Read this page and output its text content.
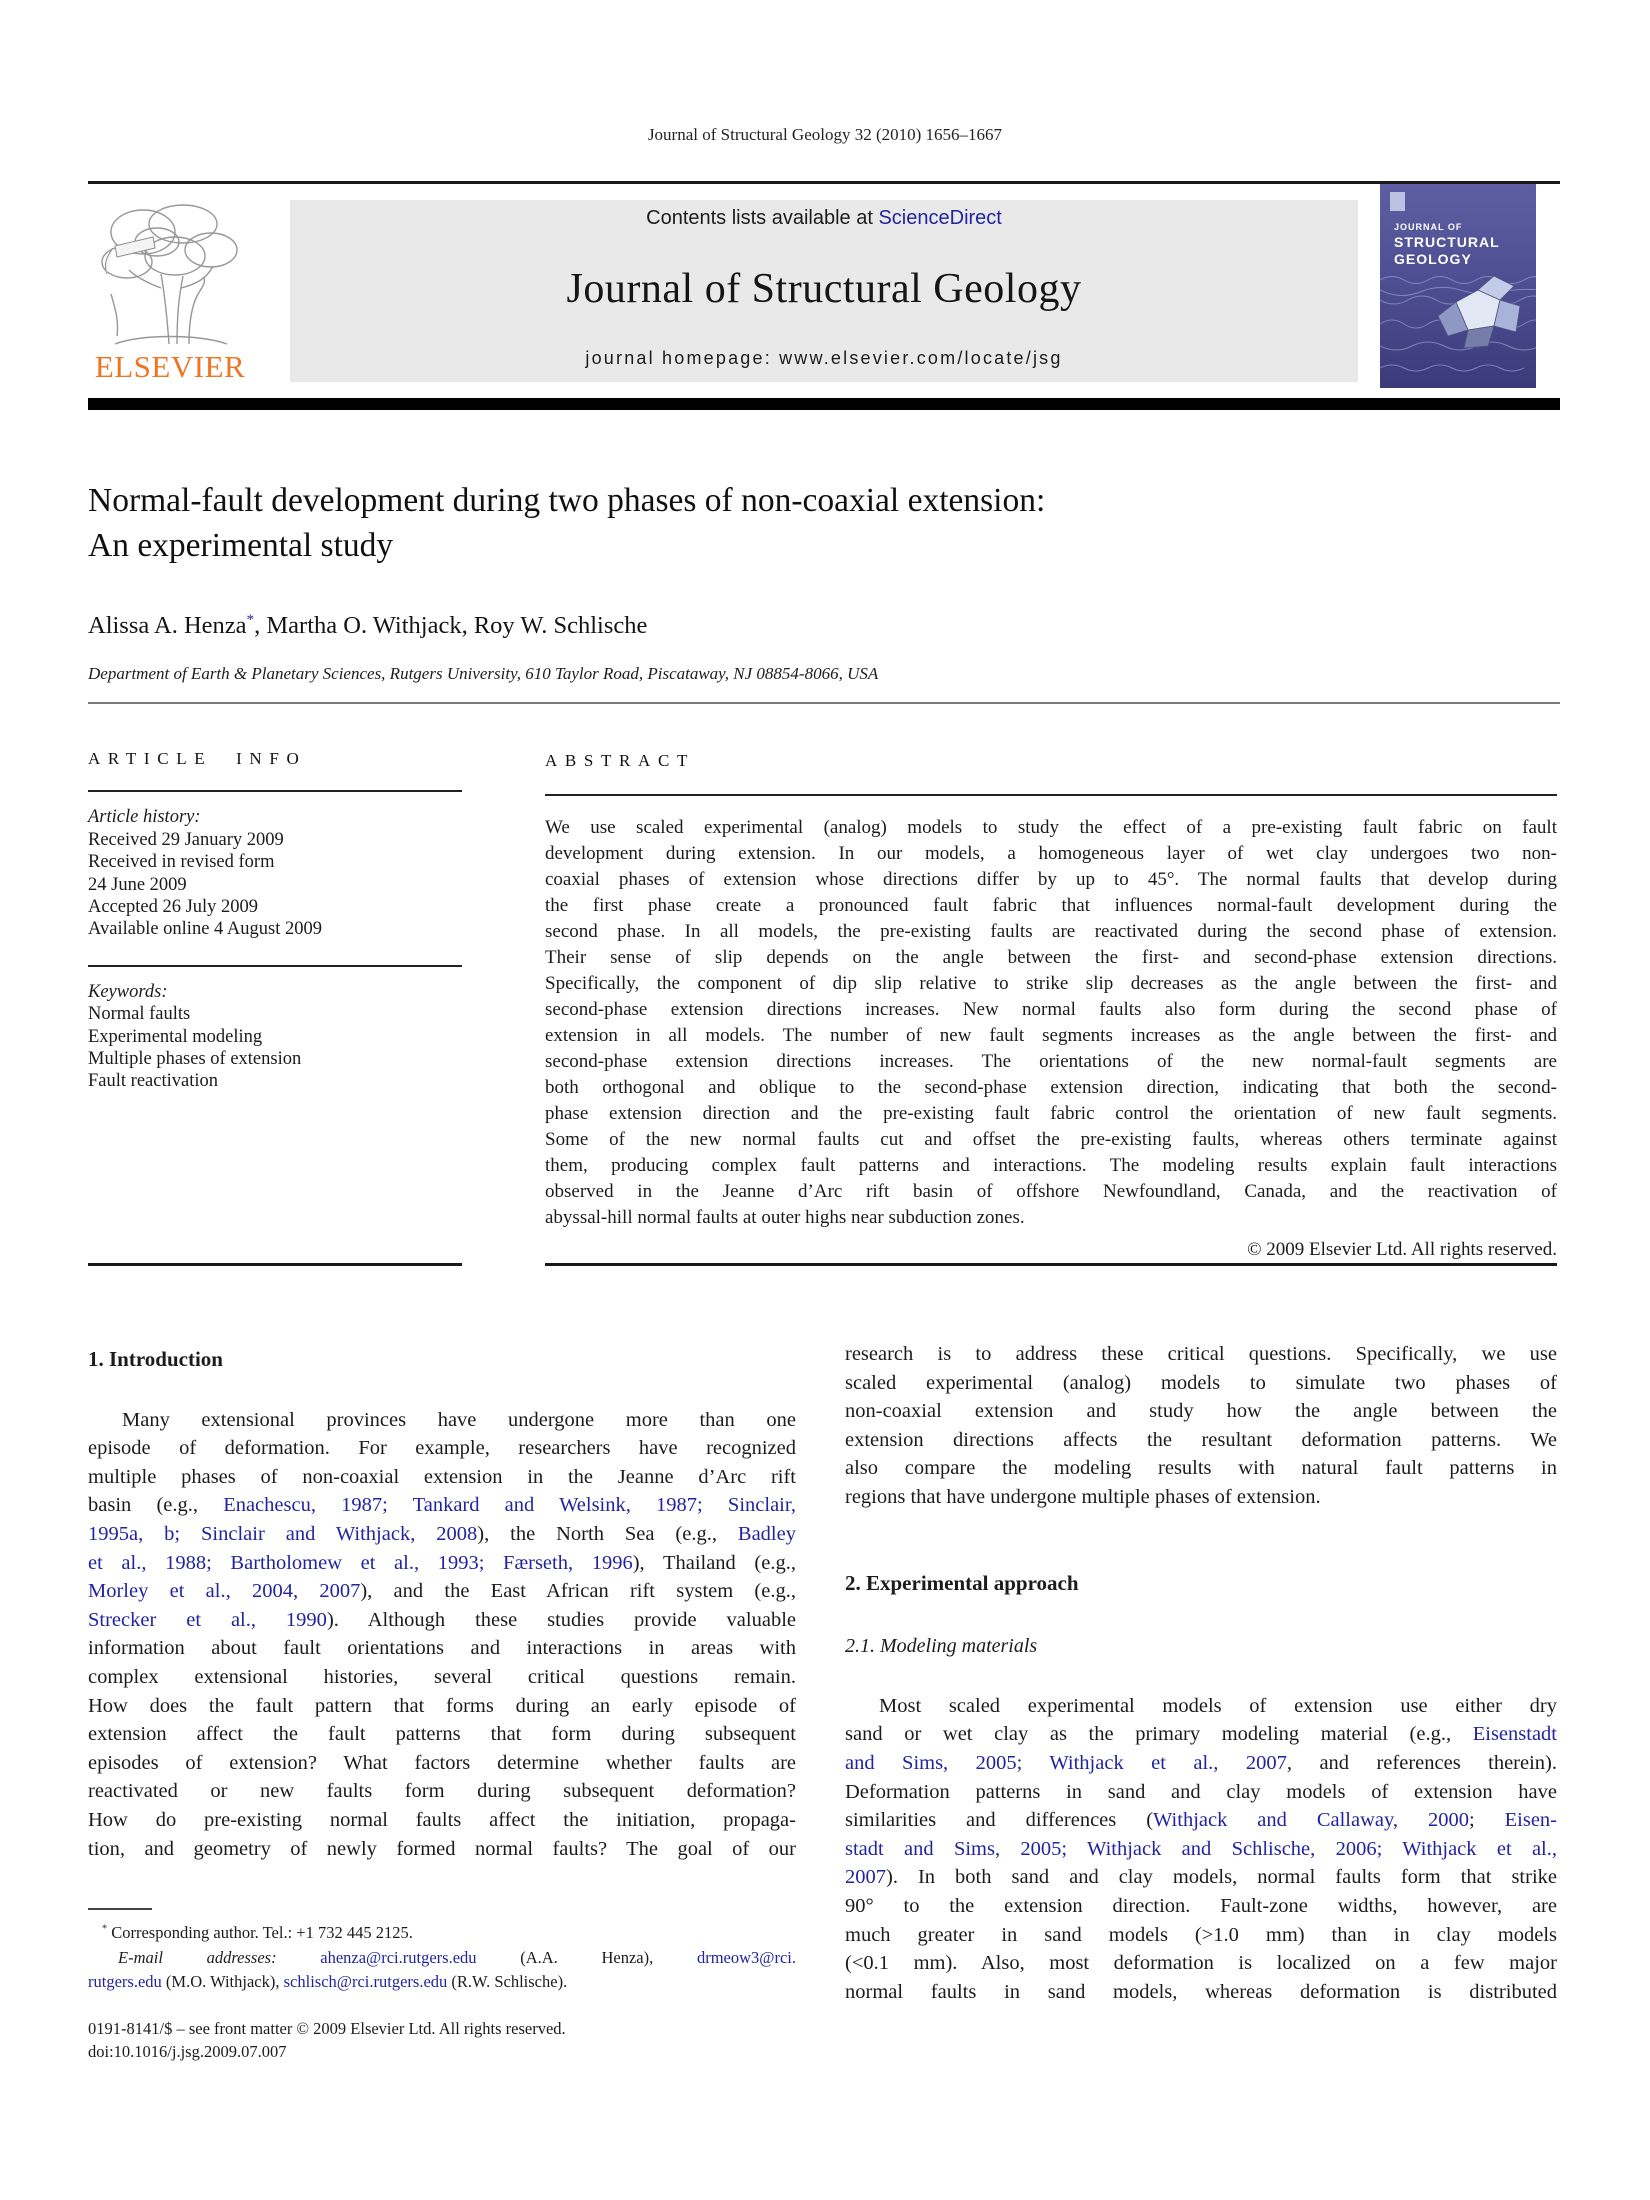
Journal of Structural Geology 32 (2010) 1656–1667
ELSEVIER
Contents lists available at ScienceDirect
Journal of Structural Geology
journal homepage: www.elsevier.com/locate/jsg
JOURNAL OF
STRUCTURAL
GEOLOGY
Normal-fault development during two phases of non-coaxial extension:
An experimental study
Alissa A. Henza*, Martha O. Withjack, Roy W. Schlische
Department of Earth & Planetary Sciences, Rutgers University, 610 Taylor Road, Piscataway, NJ 08854-8066, USA
ARTICLE INFO
Article history:
Received 29 January 2009
Received in revised form
24 June 2009
Accepted 26 July 2009
Available online 4 August 2009
Keywords:
Normal faults
Experimental modeling
Multiple phases of extension
Fault reactivation
ABSTRACT
We use scaled experimental (analog) models to study the effect of a pre-existing fault fabric on fault
development during extension. In our models, a homogeneous layer of wet clay undergoes two non-
coaxial phases of extension whose directions differ by up to 45°. The normal faults that develop during
the first phase create a pronounced fault fabric that influences normal-fault development during the
second phase. In all models, the pre-existing faults are reactivated during the second phase of extension.
Their sense of slip depends on the angle between the first- and second-phase extension directions.
Specifically, the component of dip slip relative to strike slip decreases as the angle between the first- and
second-phase extension directions increases. New normal faults also form during the second phase of
extension in all models. The number of new fault segments increases as the angle between the first- and
second-phase extension directions increases. The orientations of the new normal-fault segments are
both orthogonal and oblique to the second-phase extension direction, indicating that both the second-
phase extension direction and the pre-existing fault fabric control the orientation of new fault segments.
Some of the new normal faults cut and offset the pre-existing faults, whereas others terminate against
them, producing complex fault patterns and interactions. The modeling results explain fault interactions
observed in the Jeanne d’Arc rift basin of offshore Newfoundland, Canada, and the reactivation of
abyssal-hill normal faults at outer highs near subduction zones.
© 2009 Elsevier Ltd. All rights reserved.
1. Introduction
Many extensional provinces have undergone more than one
episode of deformation. For example, researchers have recognized
multiple phases of non-coaxial extension in the Jeanne d’Arc rift
basin (e.g., Enachescu, 1987; Tankard and Welsink, 1987; Sinclair,
1995a, b; Sinclair and Withjack, 2008), the North Sea (e.g., Badley
et al., 1988; Bartholomew et al., 1993; Færseth, 1996), Thailand (e.g.,
Morley et al., 2004, 2007), and the East African rift system (e.g.,
Strecker et al., 1990). Although these studies provide valuable
information about fault orientations and interactions in areas with
complex extensional histories, several critical questions remain.
How does the fault pattern that forms during an early episode of
extension affect the fault patterns that form during subsequent
episodes of extension? What factors determine whether faults are
reactivated or new faults form during subsequent deformation?
How do pre-existing normal faults affect the initiation, propaga-
tion, and geometry of newly formed normal faults? The goal of our
research is to address these critical questions. Specifically, we use
scaled experimental (analog) models to simulate two phases of
non-coaxial extension and study how the angle between the
extension directions affects the resultant deformation patterns. We
also compare the modeling results with natural fault patterns in
regions that have undergone multiple phases of extension.
2. Experimental approach
2.1. Modeling materials
Most scaled experimental models of extension use either dry
sand or wet clay as the primary modeling material (e.g., Eisenstadt
and Sims, 2005; Withjack et al., 2007, and references therein).
Deformation patterns in sand and clay models of extension have
similarities and differences (Withjack and Callaway, 2000; Eisen-
stadt and Sims, 2005; Withjack and Schlische, 2006; Withjack et al.,
2007). In both sand and clay models, normal faults form that strike
90° to the extension direction. Fault-zone widths, however, are
much greater in sand models (>1.0 mm) than in clay models
(<0.1 mm). Also, most deformation is localized on a few major
normal faults in sand models, whereas deformation is distributed
* Corresponding author. Tel.: +1 732 445 2125.
E-mail addresses:	ahenza@rci.rutgers.edu (A.A. Henza), drmeow3@rci.
rutgers.edu (M.O. Withjack), schlisch@rci.rutgers.edu (R.W. Schlische).
0191-8141/$ – see front matter © 2009 Elsevier Ltd. All rights reserved.
doi:10.1016/j.jsg.2009.07.007
